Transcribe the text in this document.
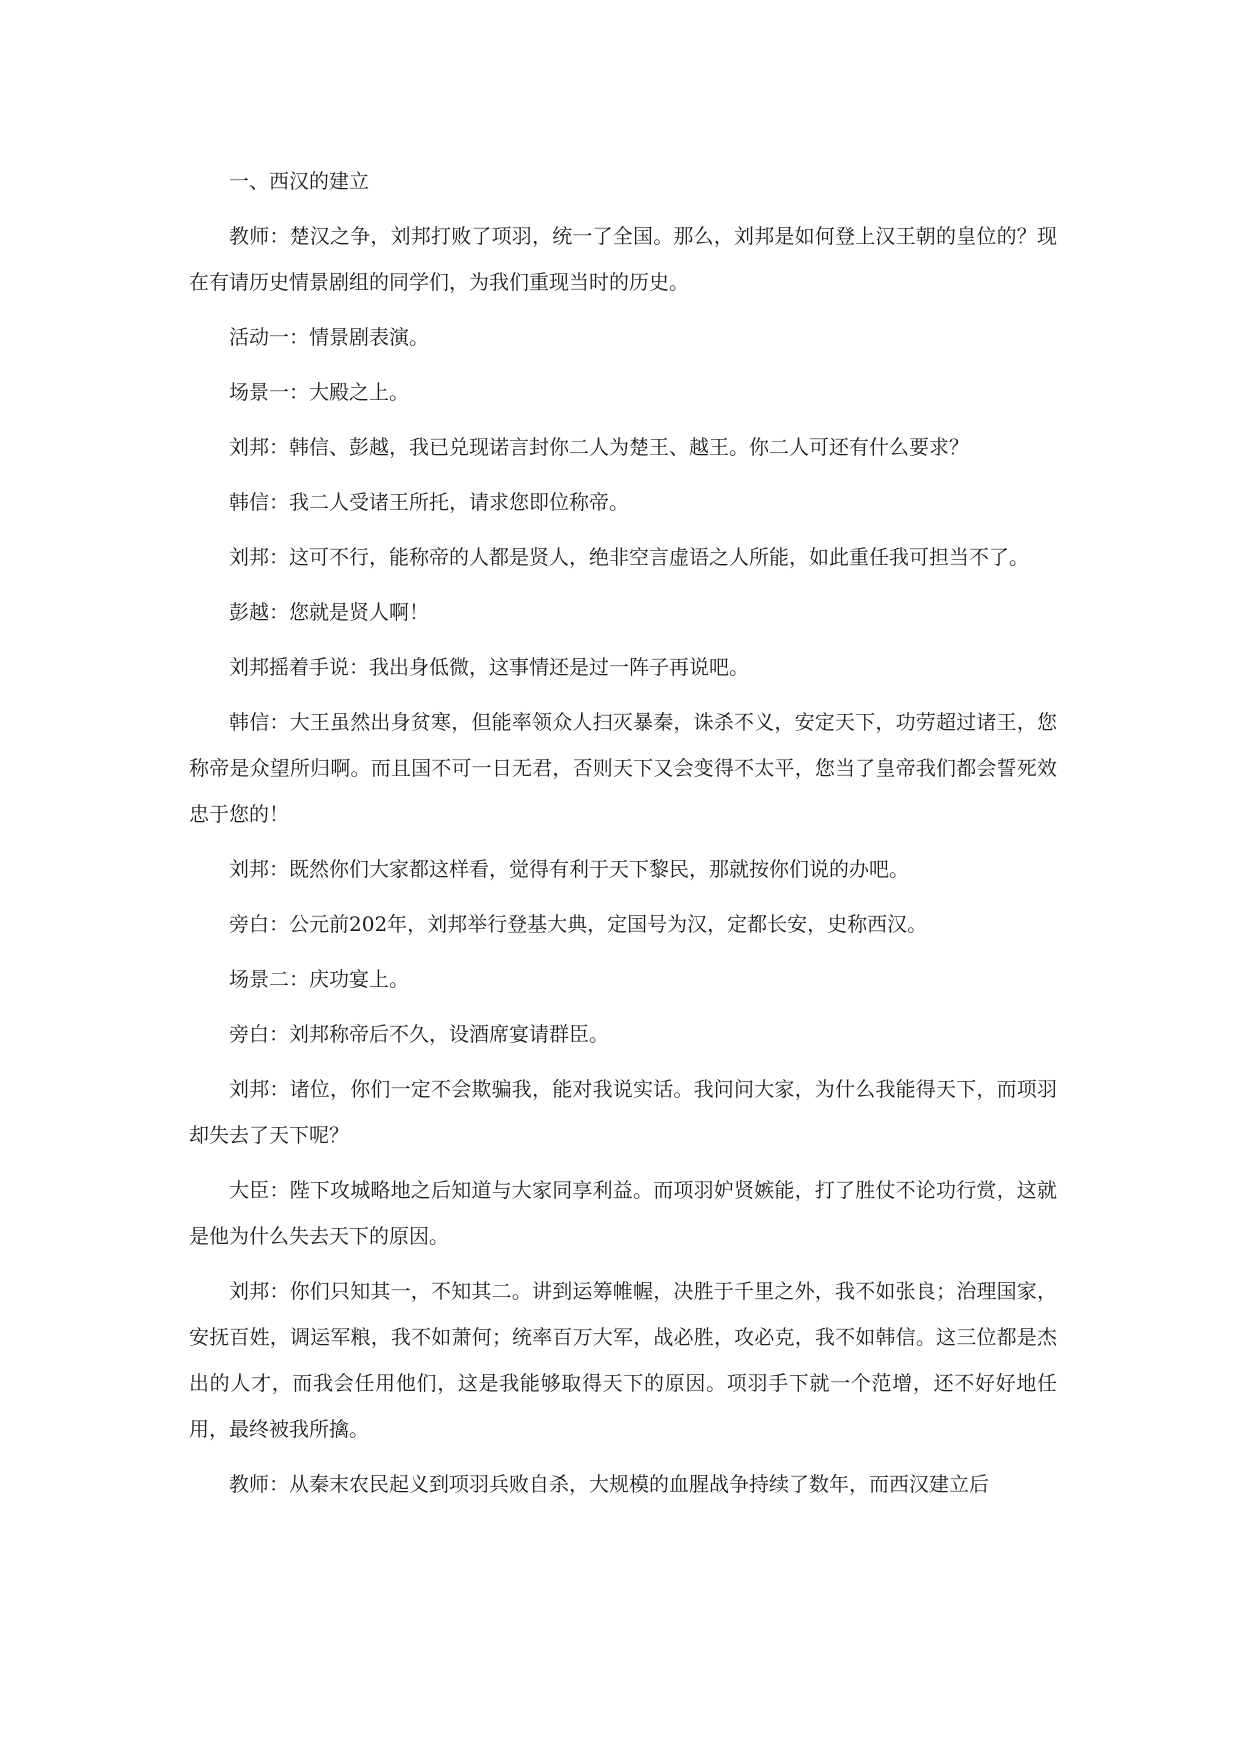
一、西汉的建立

教师：楚汉之争，刘邦打败了项羽，统一了全国。那么，刘邦是如何登上汉王朝的皇位的？现在有请历史情景剧组的同学们，为我们重现当时的历史。

活动一：情景剧表演。

场景一：大殿之上。

刘邦：韩信、彭越，我已兑现诺言封你二人为楚王、越王。你二人可还有什么要求？

韩信：我二人受诸王所托，请求您即位称帝。

刘邦：这可不行，能称帝的人都是贤人，绝非空言虚语之人所能，如此重任我可担当不了。

彭越：您就是贤人啊！

刘邦摇着手说：我出身低微，这事情还是过一阵子再说吧。

韩信：大王虽然出身贫寒，但能率领众人扫灭暴秦，诛杀不义，安定天下，功劳超过诸王，您称帝是众望所归啊。而且国不可一日无君，否则天下又会变得不太平，您当了皇帝我们都会誓死效忠于您的！

刘邦：既然你们大家都这样看，觉得有利于天下黎民，那就按你们说的办吧。

旁白：公元前202年，刘邦举行登基大典，定国号为汉，定都长安，史称西汉。

场景二：庆功宴上。

旁白：刘邦称帝后不久，设酒席宴请群臣。

刘邦：诸位，你们一定不会欺骗我，能对我说实话。我问问大家，为什么我能得天下，而项羽却失去了天下呢？

大臣：陛下攻城略地之后知道与大家同享利益。而项羽妒贤嫉能，打了胜仗不论功行赏，这就是他为什么失去天下的原因。

刘邦：你们只知其一，不知其二。讲到运筹帷幄，决胜于千里之外，我不如张良；治理国家，安抚百姓，调运军粮，我不如萧何；统率百万大军，战必胜，攻必克，我不如韩信。这三位都是杰出的人才，而我会任用他们，这是我能够取得天下的原因。项羽手下就一个范增，还不好好地任用，最终被我所擒。

教师：从秦末农民起义到项羽兵败自杀，大规模的血腥战争持续了数年，而西汉建立后
